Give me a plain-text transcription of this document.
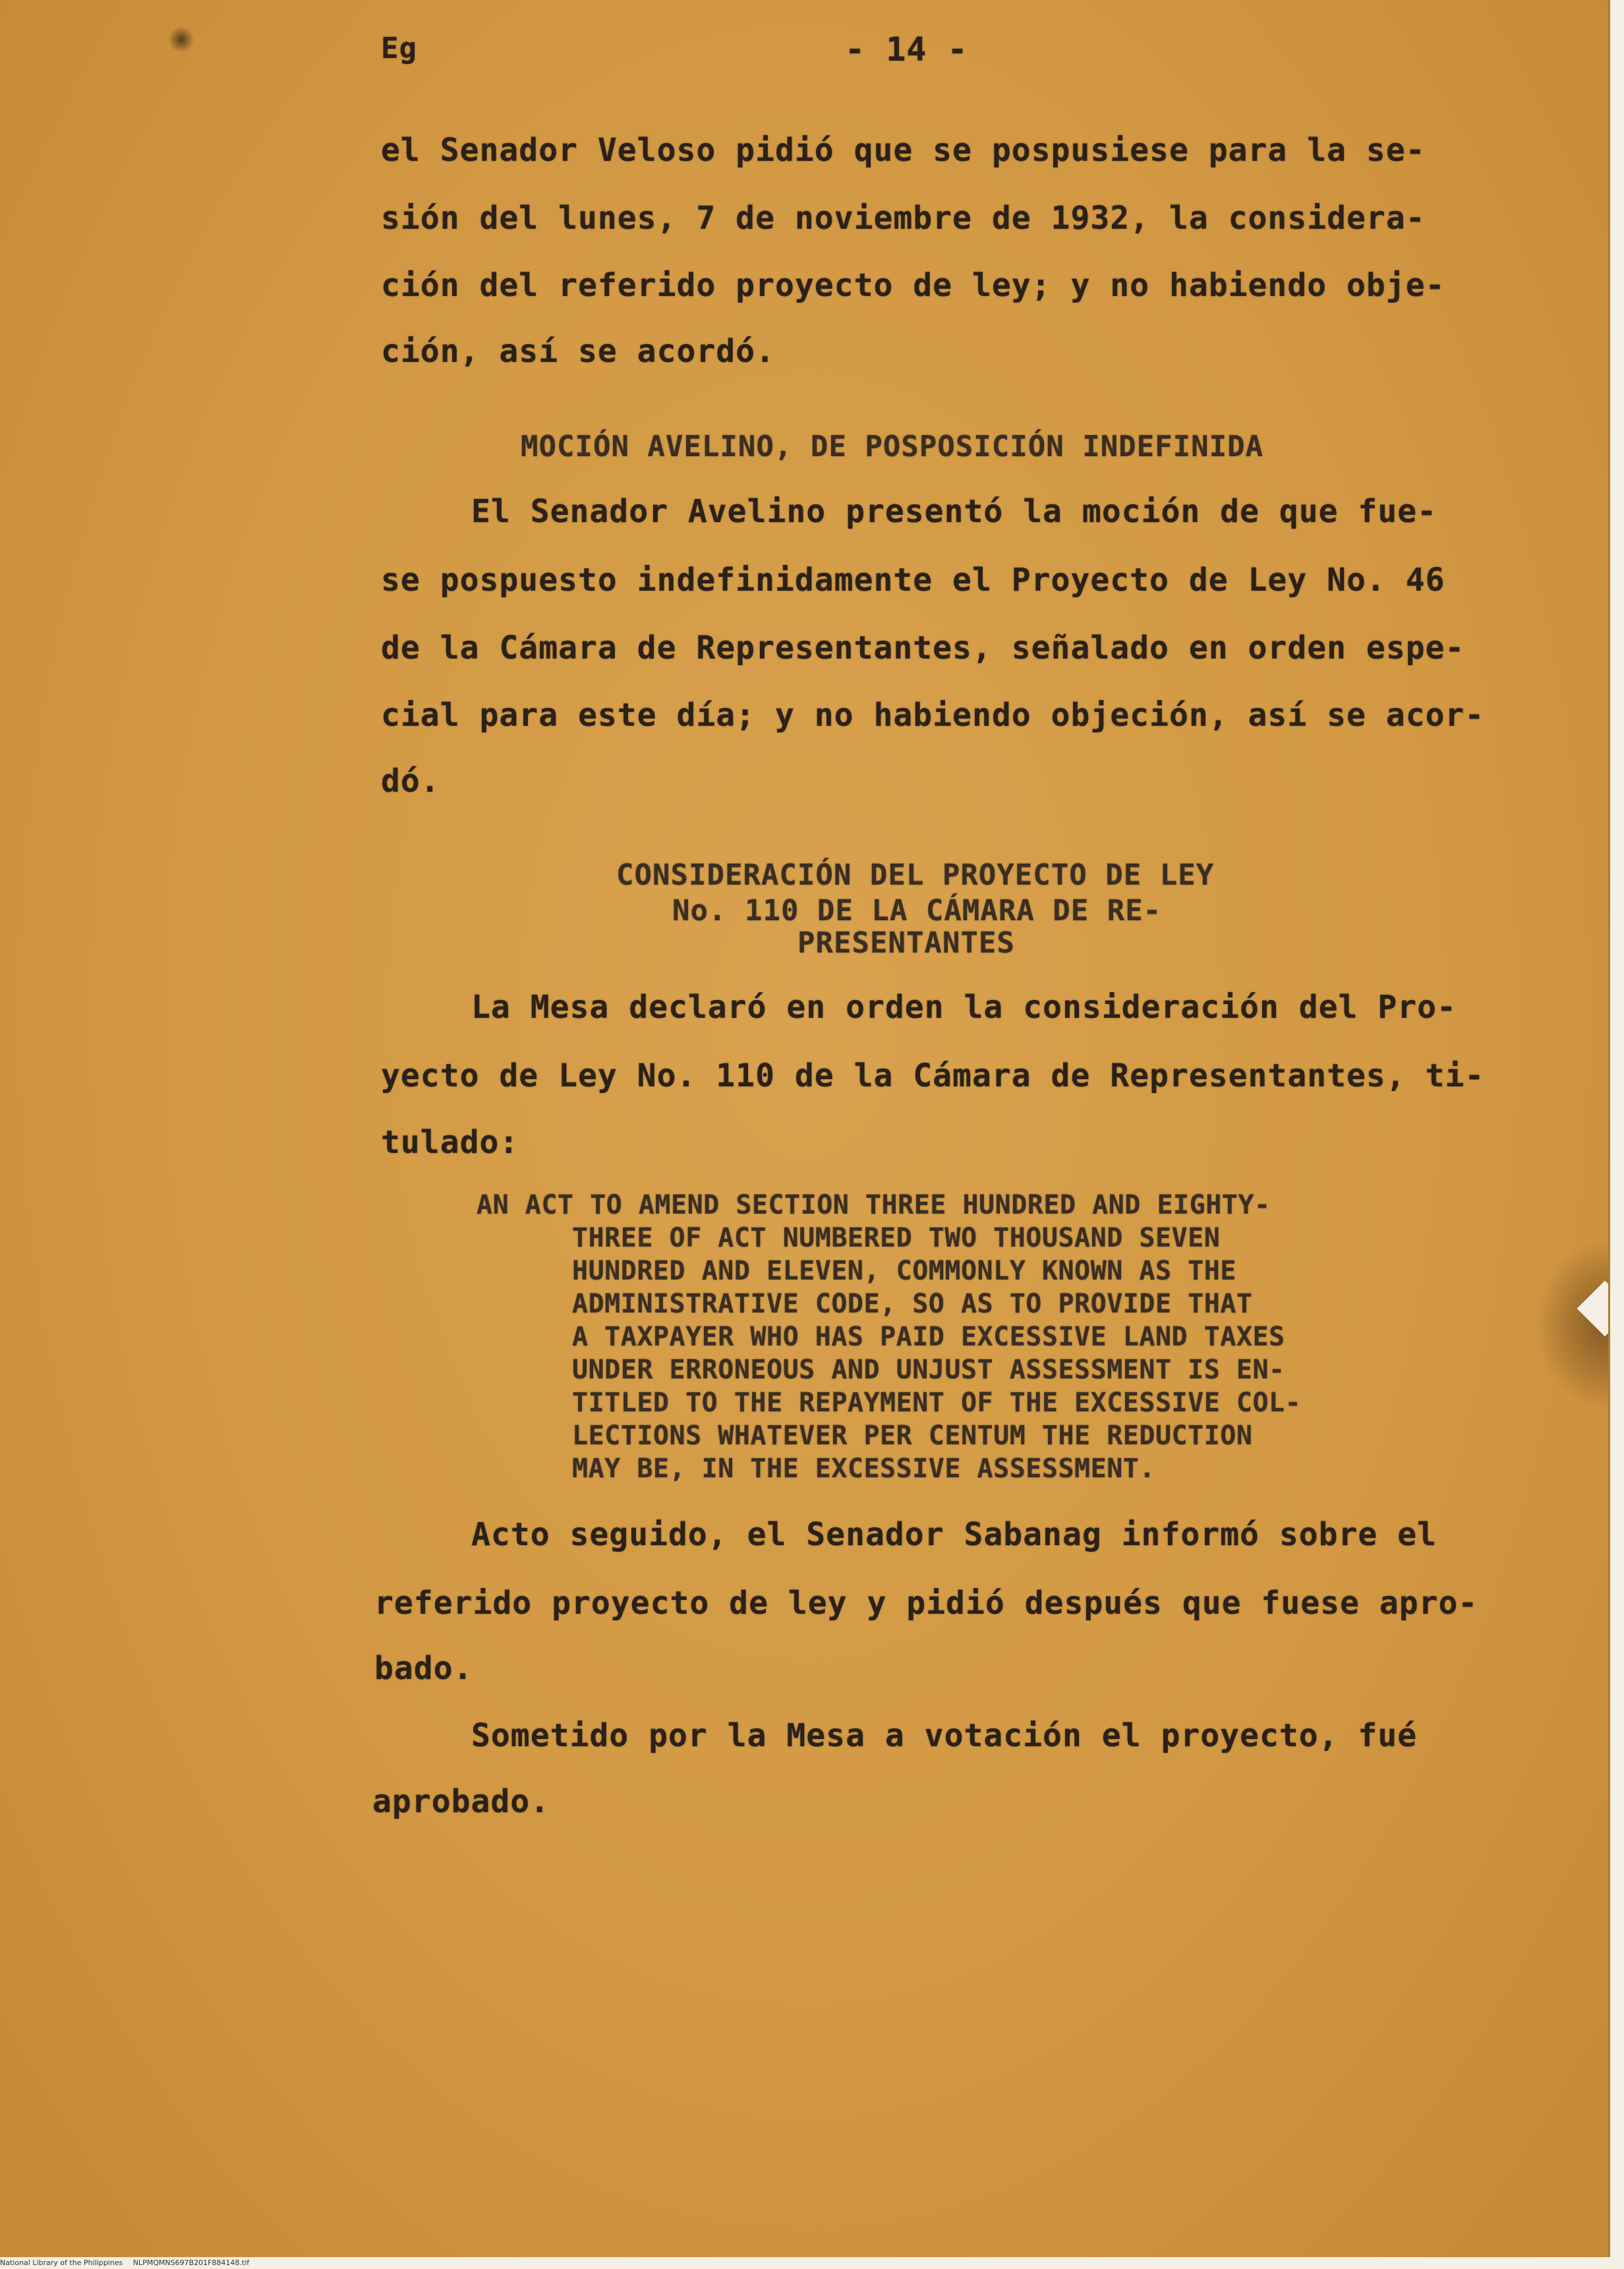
Eg	- 14 -
el Senador Veloso pidió que se pospusiese para la se-
sión del lunes, 7 de noviembre de 1932, la considera-
ción del referido proyecto de ley; y no habiendo obje-
ción, así se acordó.
MOCIÓN AVELINO, DE POSPOSICIÓN INDEFINIDA
El Senador Avelino presentó la moción de que fue-
se pospuesto indefinidamente el Proyecto de Ley No. 46
de la Cámara de Representantes, señalado en orden espe-
cial para este día; y no habiendo objeción, así se acor-
dó.
CONSIDERACIÓN DEL PROYECTO DE LEY
No. 110 DE LA CÁMARA DE RE-
PRESENTANTES
La Mesa declaró en orden la consideración del Pro-
yecto de Ley No. 110 de la Cámara de Representantes, ti-
tulado:
AN ACT TO AMEND SECTION THREE HUNDRED AND EIGHTY-
THREE OF ACT NUMBERED TWO THOUSAND SEVEN
HUNDRED AND ELEVEN, COMMONLY KNOWN AS THE
ADMINISTRATIVE CODE, SO AS TO PROVIDE THAT
A TAXPAYER WHO HAS PAID EXCESSIVE LAND TAXES
UNDER ERRONEOUS AND UNJUST ASSESSMENT IS EN-
TITLED TO THE REPAYMENT OF THE EXCESSIVE COL-
LECTIONS WHATEVER PER CENTUM THE REDUCTION
MAY BE, IN THE EXCESSIVE ASSESSMENT.
Acto seguido, el Senador Sabanag informó sobre el
referido proyecto de ley y pidió después que fuese apro-
bado.
Sometido por la Mesa a votación el proyecto, fué
aprobado.
National Library of the Philippines NLPMQMNS697B201F884148.tif
